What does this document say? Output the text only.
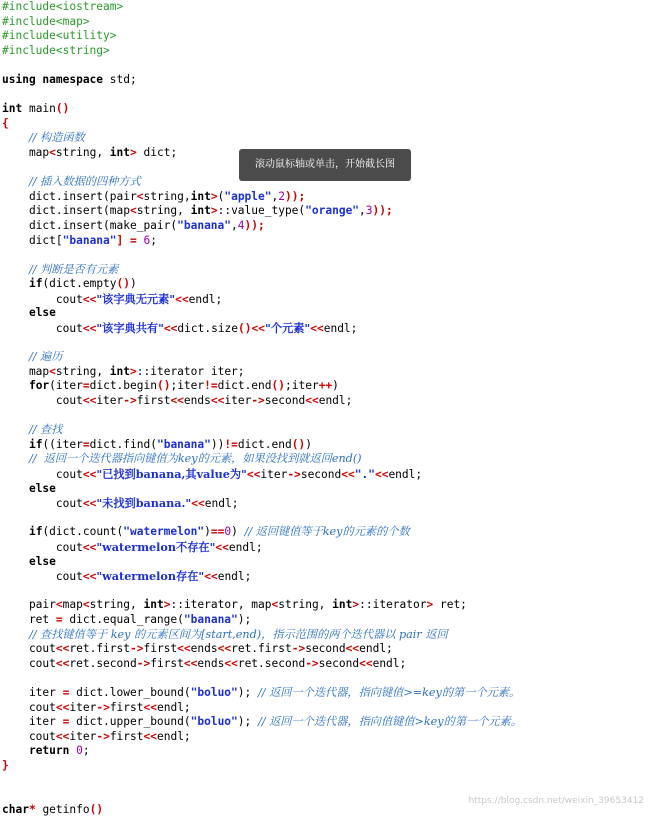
#include<iostream>
#include<map>
#include<utility>
#include<string>
using namespace std;
int main()
{
// 构造函数
map<string, int> dict;
// 插入数据的四种方式
dict.insert(pair<string,int>("apple",2));
dict.insert(map<string, int>::value_type("orange",3));
dict.insert(make_pair("banana",4));
dict["banana"] = 6;
// 判断是否有元素
if(dict.empty())
cout<<"该字典无元素"<<endl;
else
cout<<"该字典共有"<<dict.size()<<"个元素"<<endl;
// 遍历
map<string, int>::iterator iter;
for(iter=dict.begin();iter!=dict.end();iter++)
cout<<iter->first<<ends<<iter->second<<endl;
// 查找
if((iter=dict.find("banana"))!=dict.end())
//  返回一个迭代器指向键值为key的元素，如果没找到就返回end()
cout<<"已找到banana,其value为"<<iter->second<<"."<<endl;
else
cout<<"未找到banana."<<endl;
if(dict.count("watermelon")==0) // 返回键值等于key的元素的个数
cout<<"watermelon不存在"<<endl;
else
cout<<"watermelon存在"<<endl;
pair<map<string, int>::iterator, map<string, int>::iterator> ret;
ret = dict.equal_range("banana");
// 查找键值等于 key 的元素区间为[start,end)，指示范围的两个迭代器以 pair 返回
cout<<ret.first->first<<ends<<ret.first->second<<endl;
cout<<ret.second->first<<ends<<ret.second->second<<endl;
iter = dict.lower_bound("boluo"); // 返回一个迭代器，指向键值>=key的第一个元素。
cout<<iter->first<<endl;
iter = dict.upper_bound("boluo"); // 返回一个迭代器，指向值键值>key的第一个元素。
cout<<iter->first<<endl;
return 0;
}
char* getinfo()
滚动鼠标轴或单击，开始截长图
https://blog.csdn.net/weixin_39653412
